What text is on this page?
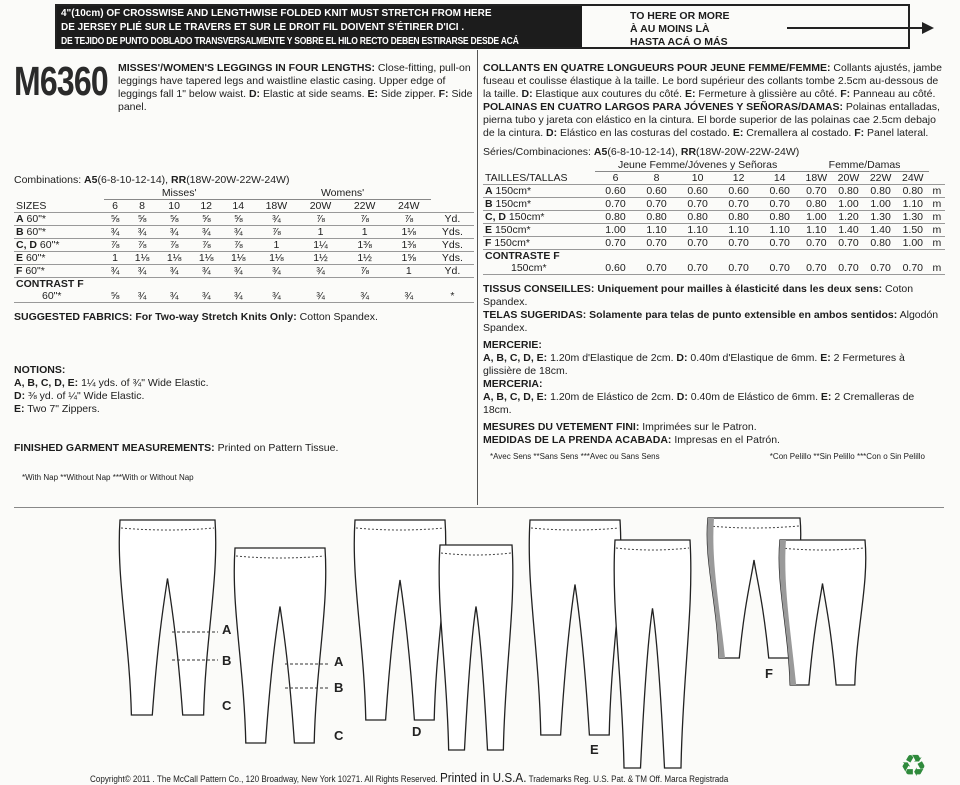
4"(10cm) OF CROSSWISE AND LENGTHWISE FOLDED KNIT MUST STRETCH FROM HERE
DE JERSEY PLIÉ SUR LE TRAVERS ET SUR LE DROIT FIL DOIVENT S'ÉTIRER D'ICI .
DE TEJIDO DE PUNTO DOBLADO TRANSVERSALMENTE Y SOBRE EL HILO RECTO DEBEN ESTIRARSE DESDE ACÁ
TO HERE OR MORE
À AU MOINS LÀ
HASTA ACÁ O MÁS
M6360 MISSES'/WOMEN'S LEGGINGS IN FOUR LENGTHS: Close-fitting, pull-on leggings have tapered legs and waistline elastic casing. Upper edge of leggings fall 1" below waist. D: Elastic at side seams. E: Side zipper. F: Side panel.
Combinations: A5(6-8-10-12-14), RR(18W-20W-22W-24W)
	Misses'					Womens'				
SIZES	6	8	10	12	14	18W	20W	22W	24W	
A 60"*	⅝	⅝	⅝	⅝	⅝	¾	⅞	⅞	⅞	Yd.
B 60"*	¾	¾	¾	¾	¾	⅞	1	1	1⅛	Yds.
C, D 60"*	⅞	⅞	⅞	⅞	⅞	1	1¼	1⅜	1⅜	Yds.
E 60"*	1	1⅛	1⅛	1⅛	1⅛	1⅛	1½	1½	1⅝	Yds.
F 60"*	¾	¾	¾	¾	¾	¾	¾	⅞	1	Yd.
CONTRAST F										
60"*	⅝	¾	¾	¾	¾	¾	¾	¾	¾	*
SUGGESTED FABRICS: For Two-way Stretch Knits Only: Cotton Spandex.
NOTIONS:
A, B, C, D, E: 1¼ yds. of ¾" Wide Elastic.
D: ⅜ yd. of ¼" Wide Elastic.
E: Two 7" Zippers.
FINISHED GARMENT MEASUREMENTS: Printed on Pattern Tissue.
*With Nap **Without Nap ***With or Without Nap
COLLANTS EN QUATRE LONGUEURS POUR JEUNE FEMME/FEMME: Collants ajustés, jambe fuseau et coulisse élastique à la taille. Le bord supérieur des collants tombe 2.5cm au-dessous de la taille. D: Elastique aux coutures du côté. E: Fermeture à glissière au côté. F: Panneau au côté.
POLAINAS EN CUATRO LARGOS PARA JÓVENES Y SEÑORAS/DAMAS: Polainas entalladas, pierna tubo y jareta con elástico en la cintura. El borde superior de las polainas cae 2.5cm debajo de la cintura. D: Elástico en las costuras del costado. E: Cremallera al costado. F: Panel lateral.
Séries/Combinaciones: A5(6-8-10-12-14), RR(18W-20W-22W-24W)
	Jeune Femme/Jóvenes y Señoras					Femme/Damas				
TAILLES/TALLAS	6	8	10	12	14	18W	20W	22W	24W	
A 150cm*	0.60	0.60	0.60	0.60	0.60	0.70	0.80	0.80	0.80	m
B 150cm*	0.70	0.70	0.70	0.70	0.70	0.80	1.00	1.00	1.10	m
C, D 150cm*	0.80	0.80	0.80	0.80	0.80	1.00	1.20	1.30	1.30	m
E 150cm*	1.00	1.10	1.10	1.10	1.10	1.10	1.40	1.40	1.50	m
F 150cm*	0.70	0.70	0.70	0.70	0.70	0.70	0.70	0.80	1.00	m
CONTRASTE F										
150cm*	0.60	0.70	0.70	0.70	0.70	0.70	0.70	0.70	0.70	m
TISSUS CONSEILLES: Uniquement pour mailles à élasticité dans les deux sens: Coton Spandex.
TELAS SUGERIDAS: Solamente para telas de punto extensible en ambos sentidos: Algodón Spandex.
MERCERIE:
A, B, C, D, E: 1.20m d'Elastique de 2cm. D: 0.40m d'Elastique de 6mm. E: 2 Fermetures à glissière de 18cm.
MERCERIA:
A, B, C, D, E: 1.20m de Elástico de 2cm. D: 0.40m de Elástico de 6mm. E: 2 Cremalleras de 18cm.
MESURES DU VETEMENT FINI: Imprimées sur le Patron.
MEDIDAS DE LA PRENDA ACABADA: Impresas en el Patrón.
*Avec Sens **Sans Sens ***Avec ou Sans Sens	*Con Pelillo **Sin Pelillo ***Con o Sin Pelillo
A
B
C
A
B
C	D
E
F
Copyright© 2011 . The McCall Pattern Co., 120 Broadway, New York 10271. All Rights Reserved. Printed in U.S.A. Trademarks Reg. U.S. Pat. & TM Off. Marca Registrada	♻
